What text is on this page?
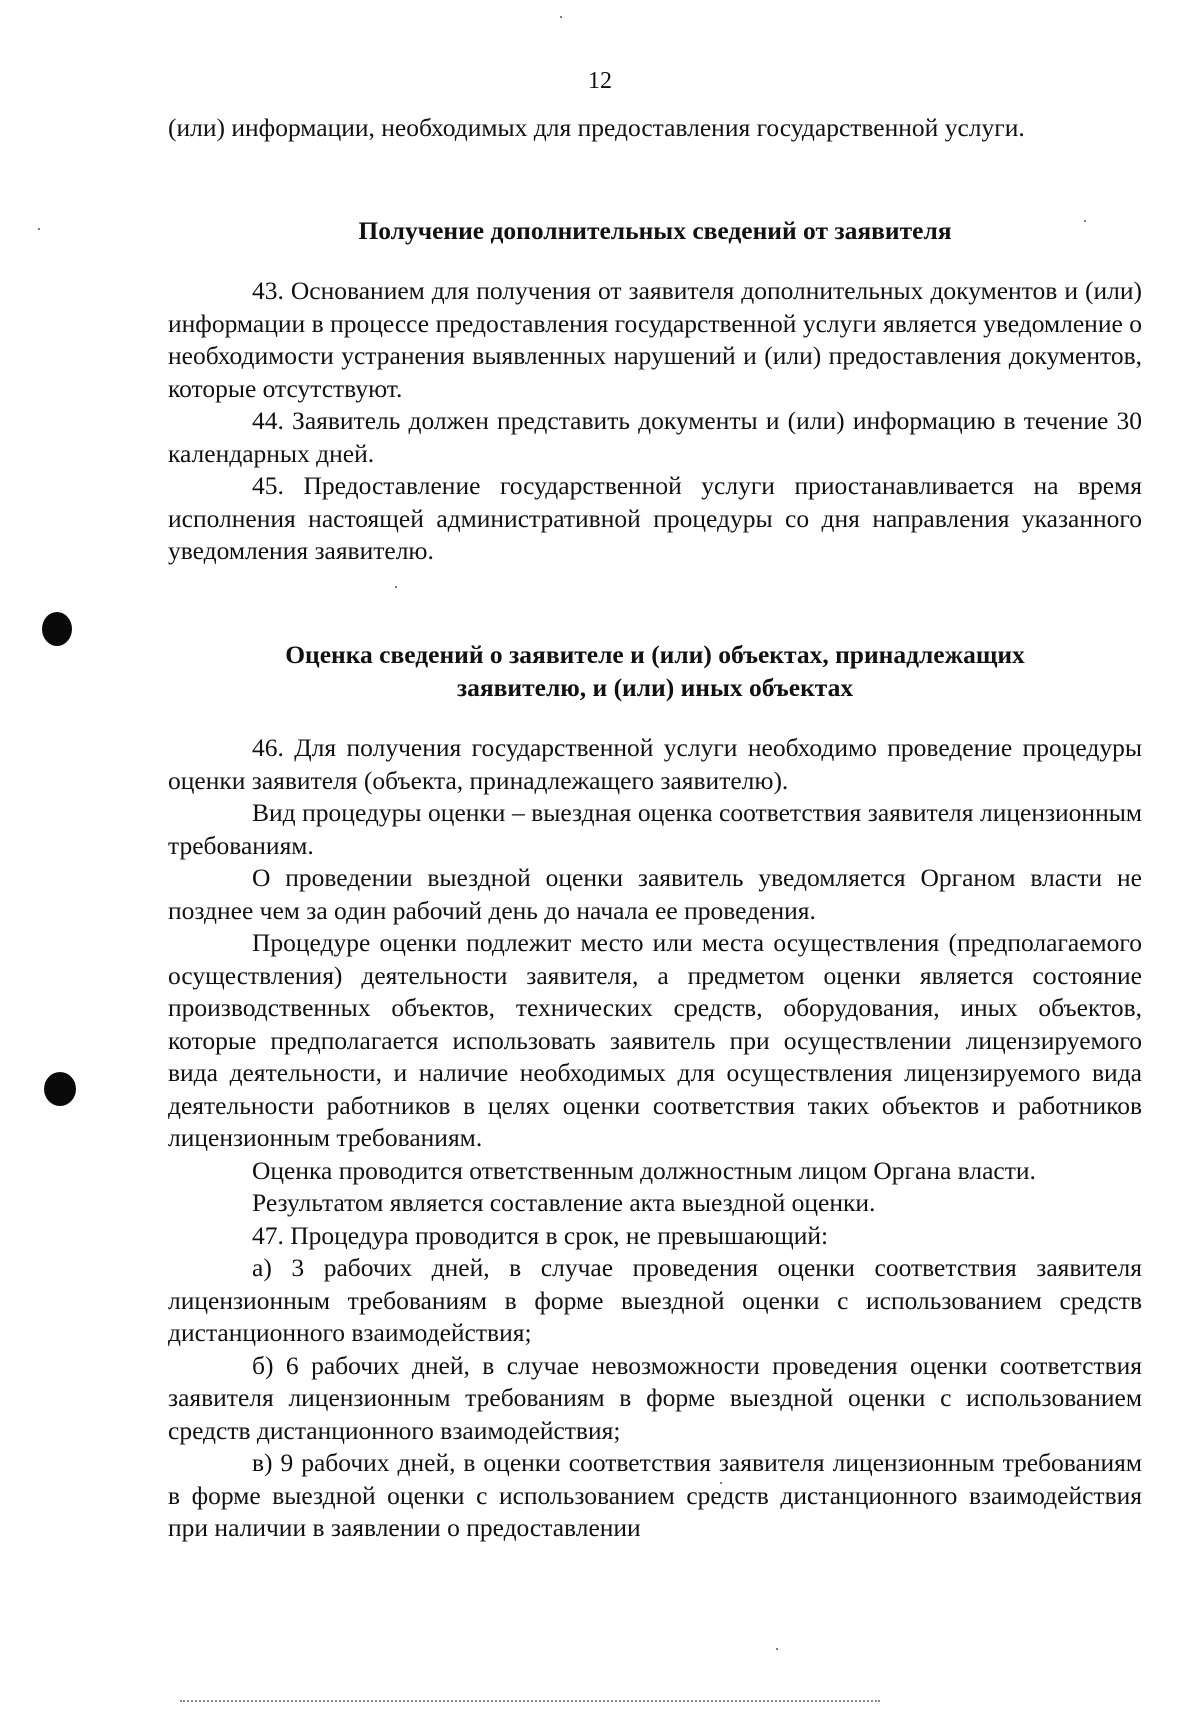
12

(или) информации, необходимых для предоставления государственной услуги.

Получение дополнительных сведений от заявителя

43. Основанием для получения от заявителя дополнительных документов и (или) информации в процессе предоставления государственной услуги является уведомление о необходимости устранения выявленных нарушений и (или) предоставления документов, которые отсутствуют.

44. Заявитель должен представить документы и (или) информацию в течение 30 календарных дней.

45. Предоставление государственной услуги приостанавливается на время исполнения настоящей административной процедуры со дня направления указанного уведомления заявителю.

Оценка сведений о заявителе и (или) объектах, принадлежащих
заявителю, и (или) иных объектах

46. Для получения государственной услуги необходимо проведение процедуры оценки заявителя (объекта, принадлежащего заявителю).

Вид процедуры оценки – выездная оценка соответствия заявителя лицензионным требованиям.

О проведении выездной оценки заявитель уведомляется Органом власти не позднее чем за один рабочий день до начала ее проведения.

Процедуре оценки подлежит место или места осуществления (предполагаемого осуществления) деятельности заявителя, а предметом оценки является состояние производственных объектов, технических средств, оборудования, иных объектов, которые предполагается использовать заявитель при осуществлении лицензируемого вида деятельности, и наличие необходимых для осуществления лицензируемого вида деятельности работников в целях оценки соответствия таких объектов и работников лицензионным требованиям.

Оценка проводится ответственным должностным лицом Органа власти.

Результатом является составление акта выездной оценки.

47. Процедура проводится в срок, не превышающий:

а) 3 рабочих дней, в случае проведения оценки соответствия заявителя лицензионным требованиям в форме выездной оценки с использованием средств дистанционного взаимодействия;

б) 6 рабочих дней, в случае невозможности проведения оценки соответствия заявителя лицензионным требованиям в форме выездной оценки с использованием средств дистанционного взаимодействия;

в) 9 рабочих дней, в оценки соответствия заявителя лицензионным требованиям в форме выездной оценки с использованием средств дистанционного взаимодействия при наличии в заявлении о предоставлении
